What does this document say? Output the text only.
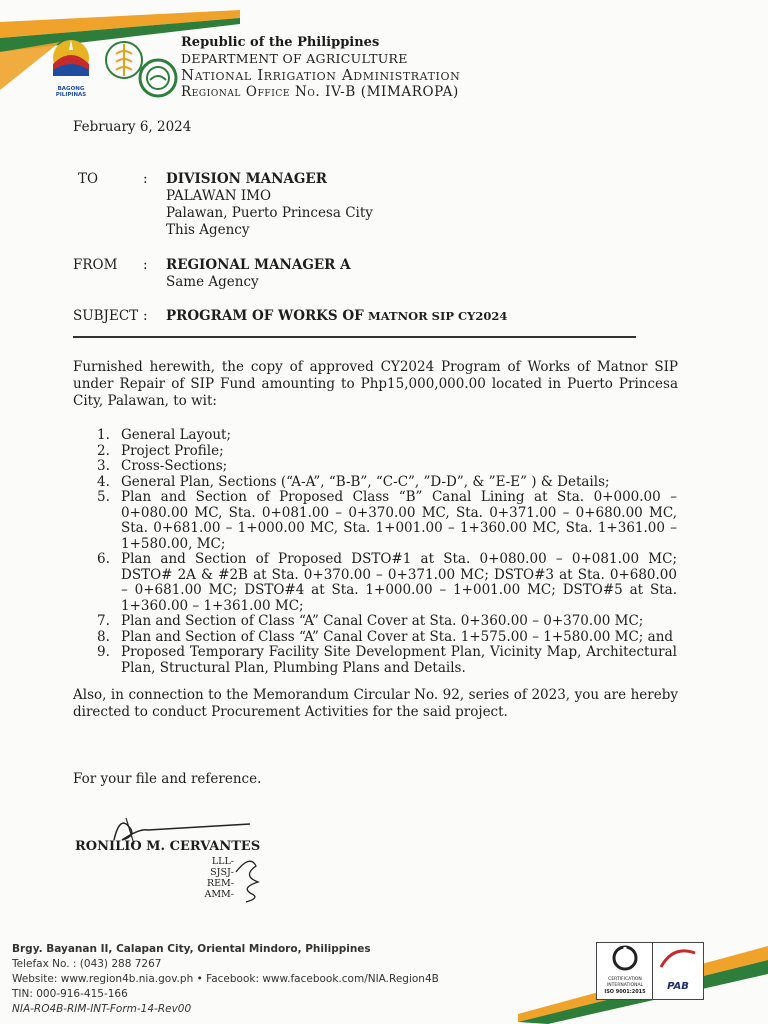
BAGONG PILIPINAS
Republic of the Philippines
DEPARTMENT OF AGRICULTURE
National Irrigation Administration
Regional Office No. IV-B (MIMAROPA)
February 6, 2024
TO	: DIVISION MANAGER
PALAWAN IMO
Palawan, Puerto Princesa City
This Agency
FROM : REGIONAL MANAGER A
Same Agency
SUBJECT : PROGRAM OF WORKS OF MATNOR SIP CY2024
Furnished herewith, the copy of approved CY2024 Program of Works of Matnor SIP under Repair of SIP Fund amounting to Php15,000,000.00 located in Puerto Princesa City, Palawan, to wit:
1. General Layout;
2. Project Profile;
3. Cross-Sections;
4. General Plan, Sections (“A-A”, “B-B”, “C-C”, ”D-D”, & ”E-E” ) & Details;
5. Plan and Section of Proposed Class “B” Canal Lining at Sta. 0+000.00 – 0+080.00 MC, Sta. 0+081.00 – 0+370.00 MC, Sta. 0+371.00 – 0+680.00 MC, Sta. 0+681.00 – 1+000.00 MC, Sta. 1+001.00 – 1+360.00 MC, Sta. 1+361.00 – 1+580.00, MC;
6. Plan and Section of Proposed DSTO#1 at Sta. 0+080.00 – 0+081.00 MC; DSTO# 2A & #2B at Sta. 0+370.00 – 0+371.00 MC; DSTO#3 at Sta. 0+680.00 – 0+681.00 MC; DSTO#4 at Sta. 1+000.00 – 1+001.00 MC; DSTO#5 at Sta. 1+360.00 – 1+361.00 MC;
7. Plan and Section of Class “A” Canal Cover at Sta. 0+360.00 – 0+370.00 MC;
8. Plan and Section of Class “A” Canal Cover at Sta. 1+575.00 – 1+580.00 MC; and
9. Proposed Temporary Facility Site Development Plan, Vicinity Map, Architectural Plan, Structural Plan, Plumbing Plans and Details.
Also, in connection to the Memorandum Circular No. 92, series of 2023, you are hereby directed to conduct Procurement Activities for the said project.
For your file and reference.
RONILIO M. CERVANTES
LLL-
SJSJ-
REM-
AMM-
Brgy. Bayanan II, Calapan City, Oriental Mindoro, Philippines
Telefax No. : (043) 288 7267
Website: www.region4b.nia.gov.ph • Facebook: www.facebook.com/NIA.Region4B
TIN: 000-916-415-166
NIA-RO4B-RIM-INT-Form-14-Rev00
CERTIFICATION INTERNATIONAL
ISO 9001:2015	PAB
